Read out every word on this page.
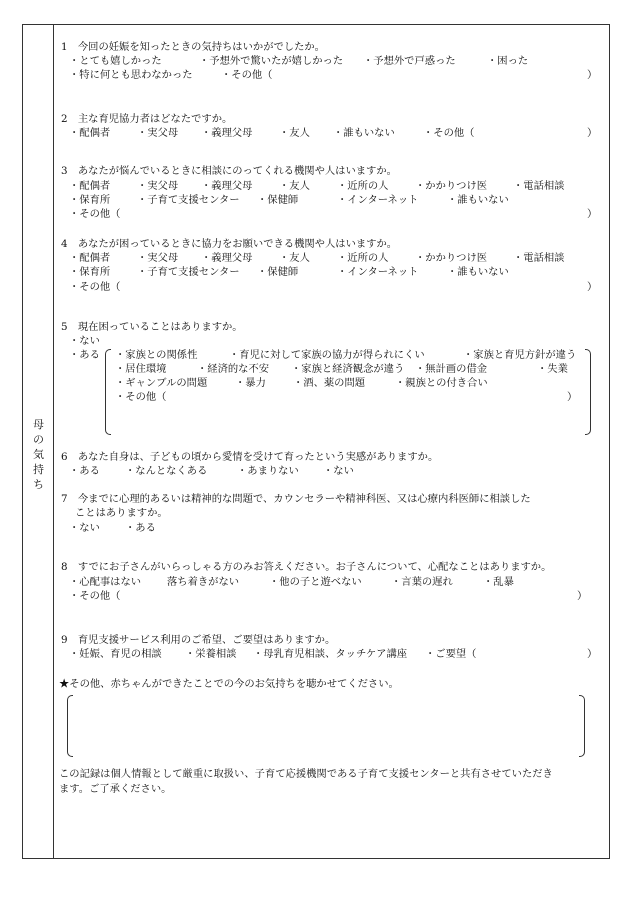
母
の
気
持
ち
1　今回の妊娠を知ったときの気持ちはいかがでしたか。
・とても嬉しかった	・予想外で驚いたが嬉しかった ・予想外で戸惑った	・困った
・特に何とも思わなかった	・その他（	）
2　主な育児協力者はどなたですか。
・配偶者	・実父母 ・義理父母	・友人 ・誰もいない	・その他（	）
3　あなたが悩んでいるときに相談にのってくれる機関や人はいますか。
・配偶者	・実父母 ・義理父母	・友人	・近所の人	・かかりつけ医	・電話相談
・保育所	・子育て支援センター ・保健師	・インターネット	・誰もいない
・その他（	）
4　あなたが困っているときに協力をお願いできる機関や人はいますか。
・配偶者	・実父母 ・義理父母	・友人	・近所の人	・かかりつけ医	・電話相談
・保育所	・子育て支援センター ・保健師	・インターネット	・誰もいない
・その他（	）
5　現在困っていることはありますか。
・ない
・ある ・家族との関係性	・育児に対して家族の協力が得られにくい	・家族と育児方針が違う
・居住環境	・経済的な不安 ・家族と経済観念が違う ・無計画の借金	・失業
・ギャンブルの問題	・暴力	・酒、薬の問題	・親族との付き合い
・その他（	）
6　あなた自身は、子どもの頃から愛情を受けて育ったという実感がありますか。
・ある ・なんとなくある	・あまりない ・ない
7　今までに心理的あるいは精神的な問題で、カウンセラーや精神科医、又は心療内科医師に相談した
ことはありますか。
・ない ・ある
8　すでにお子さんがいらっしゃる方のみお答えください。お子さんについて、心配なことはありますか。
・心配事はない	落ち着きがない	・他の子と遊べない	・言葉の遅れ	・乱暴
・その他（	）
9　育児支援サービス利用のご希望、ご要望はありますか。
・妊娠、育児の相談 ・栄養相談 ・母乳育児相談、タッチケア講座 ・ご要望（	）
★その他、赤ちゃんができたことでの今のお気持ちを聴かせてください。
この記録は個人情報として厳重に取扱い、子育て応援機関である子育て支援センターと共有させていただき
ます。ご了承ください。
